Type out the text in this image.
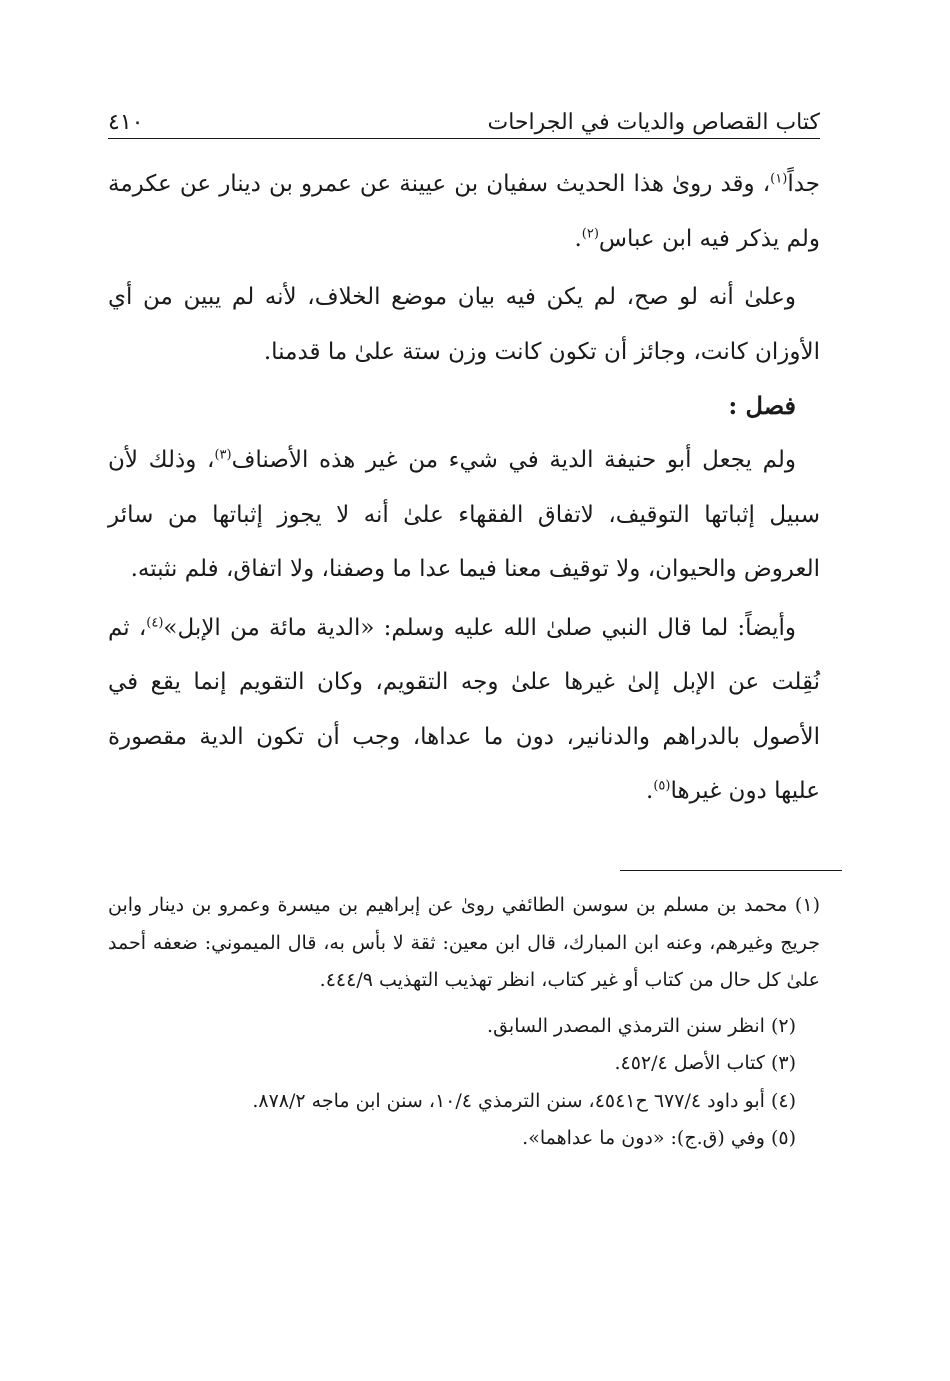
كتاب القصاص والديات في الجراحات
٤١٠

جداً$^{(١)}$، وقد رویٰ هذا الحديث سفيان بن عيينة عن عمرو بن دينار عن عكرمة ولم يذكر فيه ابن عباس$^{(٢)}$.

وعلىٰ أنه لو صح، لم يكن فيه بيان موضع الخلاف، لأنه لم يبين من أي الأوزان كانت، وجائز أن تكون كانت وزن ستة علىٰ ما قدمنا.

فصل :

ولم يجعل أبو حنيفة الدية في شيء من غير هذه الأصناف$^{(٣)}$، وذلك لأن سبيل إثباتها التوقيف، لاتفاق الفقهاء علىٰ أنه لا يجوز إثباتها من سائر العروض والحيوان، ولا توقيف معنا فيما عدا ما وصفنا، ولا اتفاق، فلم نثبته.

وأيضاً: لما قال النبي صلىٰ الله عليه وسلم: «الدية مائة من الإبل»$^{(٤)}$، ثم نُقِلت عن الإبل إلىٰ غيرها علىٰ وجه التقويم، وكان التقويم إنما يقع في الأصول بالدراهم والدنانير، دون ما عداها، وجب أن تكون الدية مقصورة عليها دون غيرها$^{(٥)}$.

(١) محمد بن مسلم بن سوسن الطائفي رویٰ عن إبراهيم بن ميسرة وعمرو بن دينار وابن جريج وغيرهم، وعنه ابن المبارك، قال ابن معين: ثقة لا بأس به، قال الميموني: ضعفه أحمد علىٰ كل حال من كتاب أو غير كتاب، انظر تهذيب التهذيب ٤٤٤/٩.

(٢) انظر سنن الترمذي المصدر السابق.

(٣) كتاب الأصل ٤٥٢/٤.

(٤) أبو داود ٦٧٧/٤ ح٤٥٤١، سنن الترمذي ١٠/٤، سنن ابن ماجه ٨٧٨/٢.

(٥) وفي (ق.ج): «دون ما عداهما».
